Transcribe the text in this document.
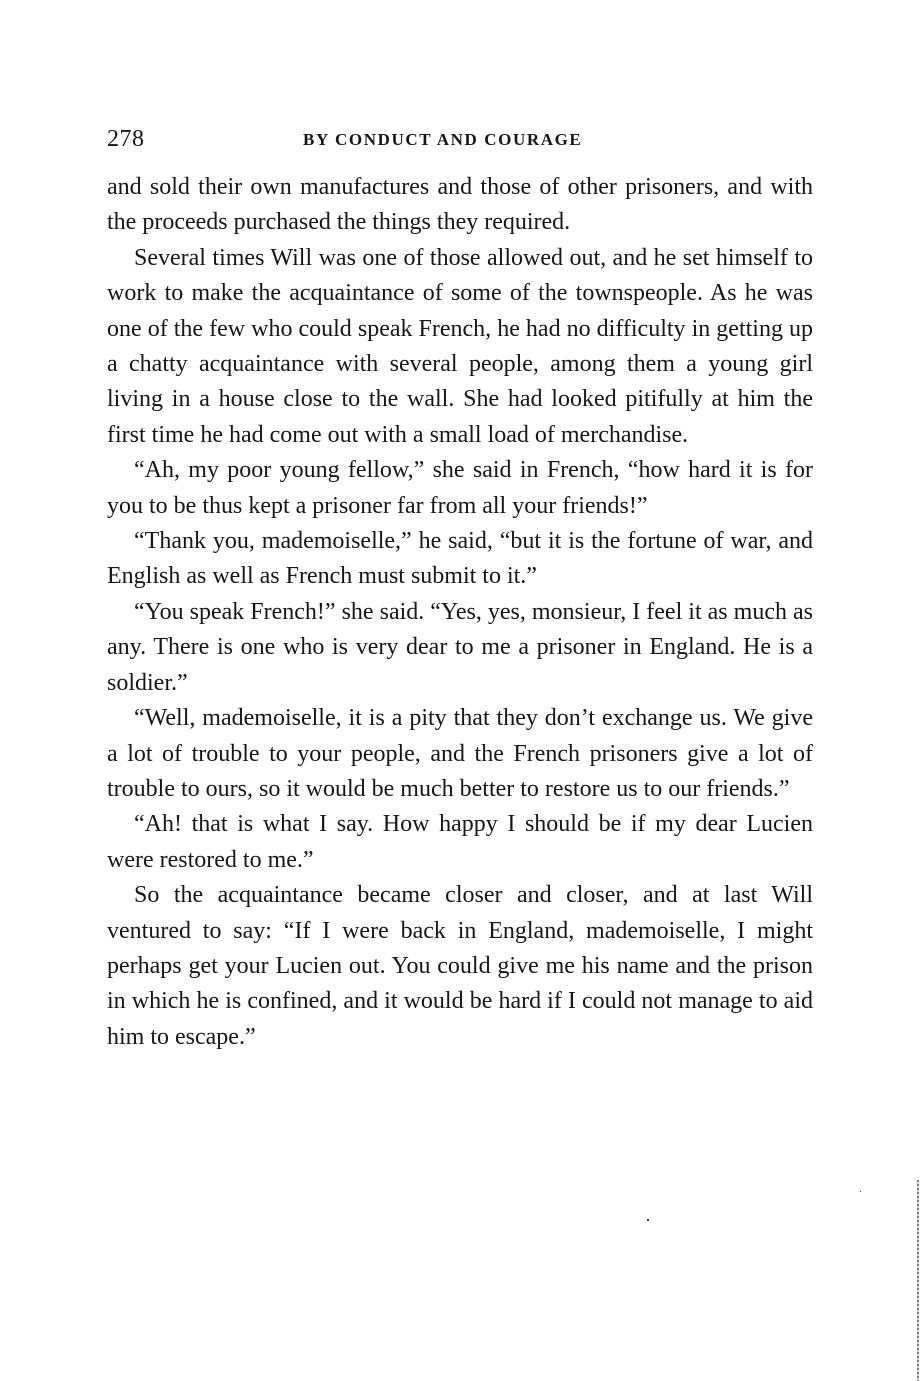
278	BY CONDUCT AND COURAGE

and sold their own manufactures and those of other prisoners, and with the proceeds purchased the things they required.

Several times Will was one of those allowed out, and he set himself to work to make the acquaintance of some of the townspeople. As he was one of the few who could speak French, he had no difficulty in getting up a chatty acquaintance with several people, among them a young girl living in a house close to the wall. She had looked pitifully at him the first time he had come out with a small load of merchandise.

“Ah, my poor young fellow,” she said in French, “how hard it is for you to be thus kept a prisoner far from all your friends!”

“Thank you, mademoiselle,” he said, “but it is the fortune of war, and English as well as French must submit to it.”

“You speak French!” she said. “Yes, yes, monsieur, I feel it as much as any. There is one who is very dear to me a prisoner in England. He is a soldier.”

“Well, mademoiselle, it is a pity that they don’t exchange us. We give a lot of trouble to your people, and the French prisoners give a lot of trouble to ours, so it would be much better to restore us to our friends.”

“Ah! that is what I say. How happy I should be if my dear Lucien were restored to me.”

So the acquaintance became closer and closer, and at last Will ventured to say: “If I were back in England, mademoiselle, I might perhaps get your Lucien out. You could give me his name and the prison in which he is confined, and it would be hard if I could not manage to aid him to escape.”
